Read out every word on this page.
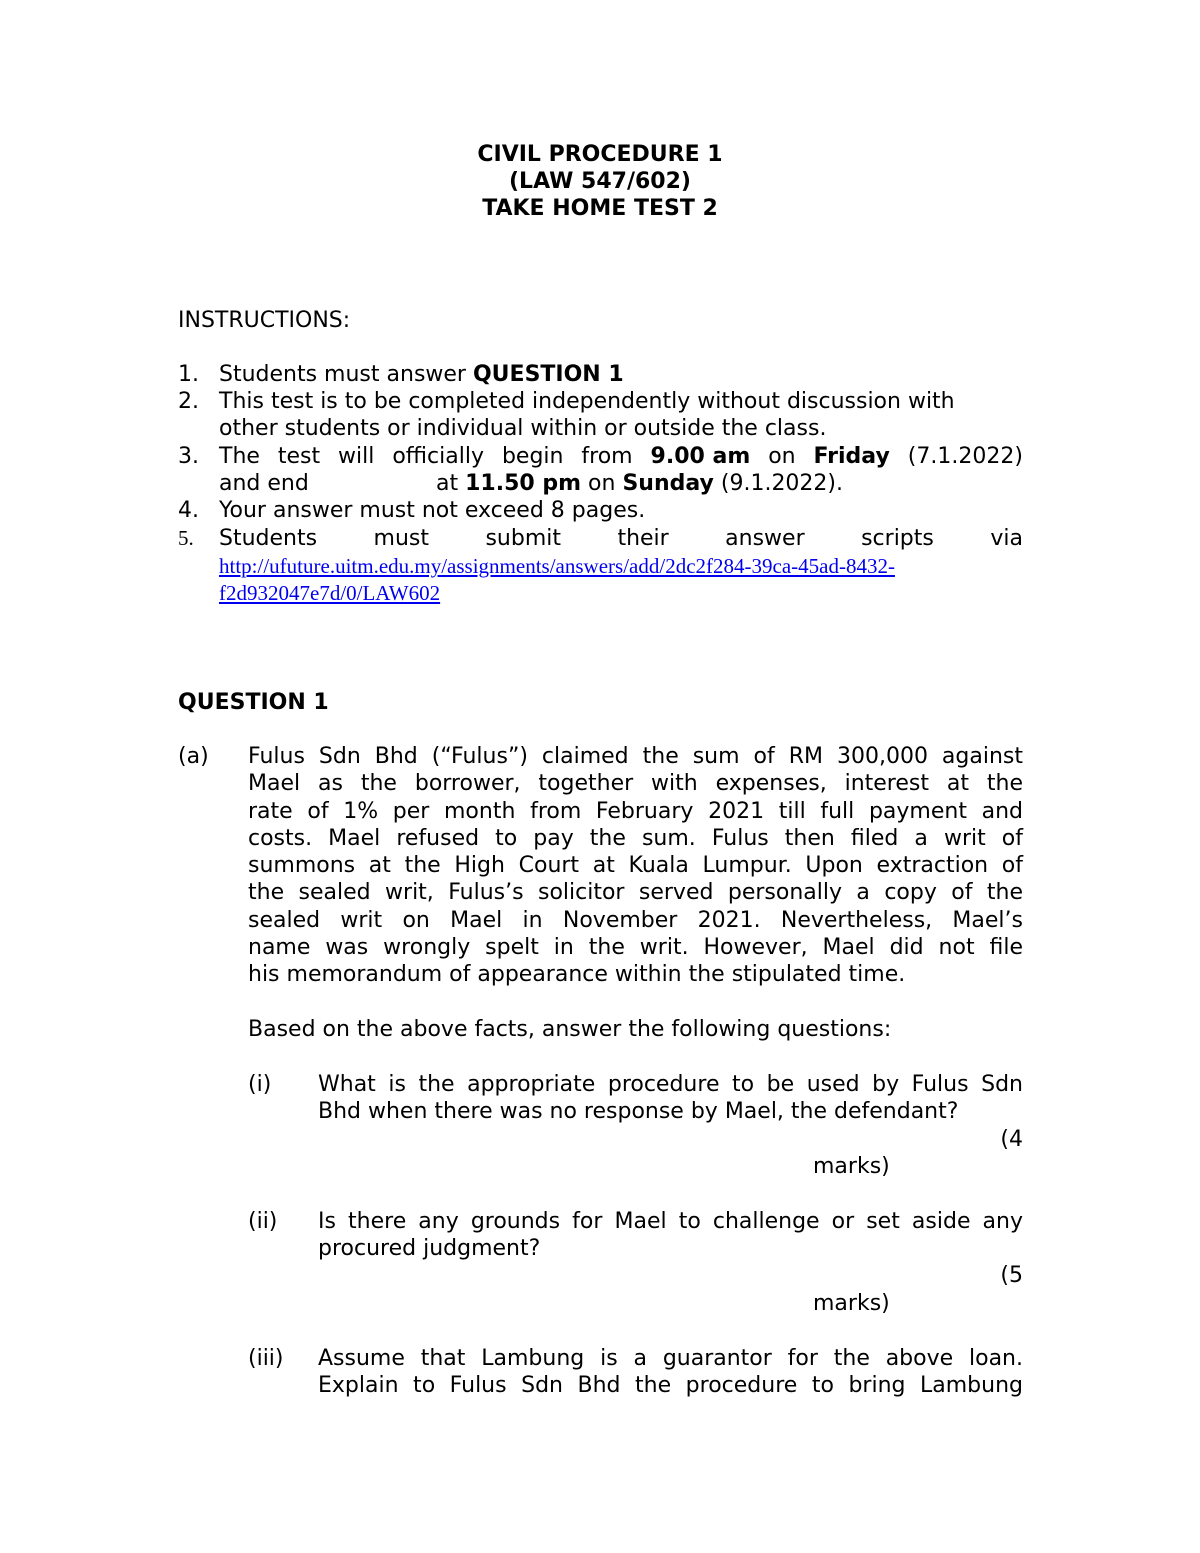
CIVIL PROCEDURE 1
(LAW 547/602)
TAKE HOME TEST 2
INSTRUCTIONS:
1. Students must answer QUESTION 1
2. This test is to be completed independently without discussion with
other students or individual within or outside the class.
3. The test will officially begin from 9.00 am on Friday (7.1.2022)
and end	at 11.50 pm on Sunday (9.1.2022).
4. Your answer must not exceed 8 pages.
5. Students	must	submit	their	answer	scripts	via
http://ufuture.uitm.edu.my/assignments/answers/add/2dc2f284-39ca-45ad-8432-
f2d932047e7d/0/LAW602
QUESTION 1
(a) Fulus Sdn Bhd (“Fulus”) claimed the sum of RM 300,000 against
Mael as the borrower, together with expenses, interest at the
rate of 1% per month from February 2021 till full payment and
costs. Mael refused to pay the sum. Fulus then filed a writ of
summons at the High Court at Kuala Lumpur. Upon extraction of
the sealed writ, Fulus’s solicitor served personally a copy of the
sealed writ on Mael in November 2021. Nevertheless, Mael’s
name was wrongly spelt in the writ. However, Mael did not file
his memorandum of appearance within the stipulated time.
Based on the above facts, answer the following questions:
(i) What is the appropriate procedure to be used by Fulus Sdn
Bhd when there was no response by Mael, the defendant?
(4
marks)
(ii) Is there any grounds for Mael to challenge or set aside any
procured judgment?
(5
marks)
(iii) Assume that Lambung is a guarantor for the above loan.
Explain to Fulus Sdn Bhd the procedure to bring Lambung
